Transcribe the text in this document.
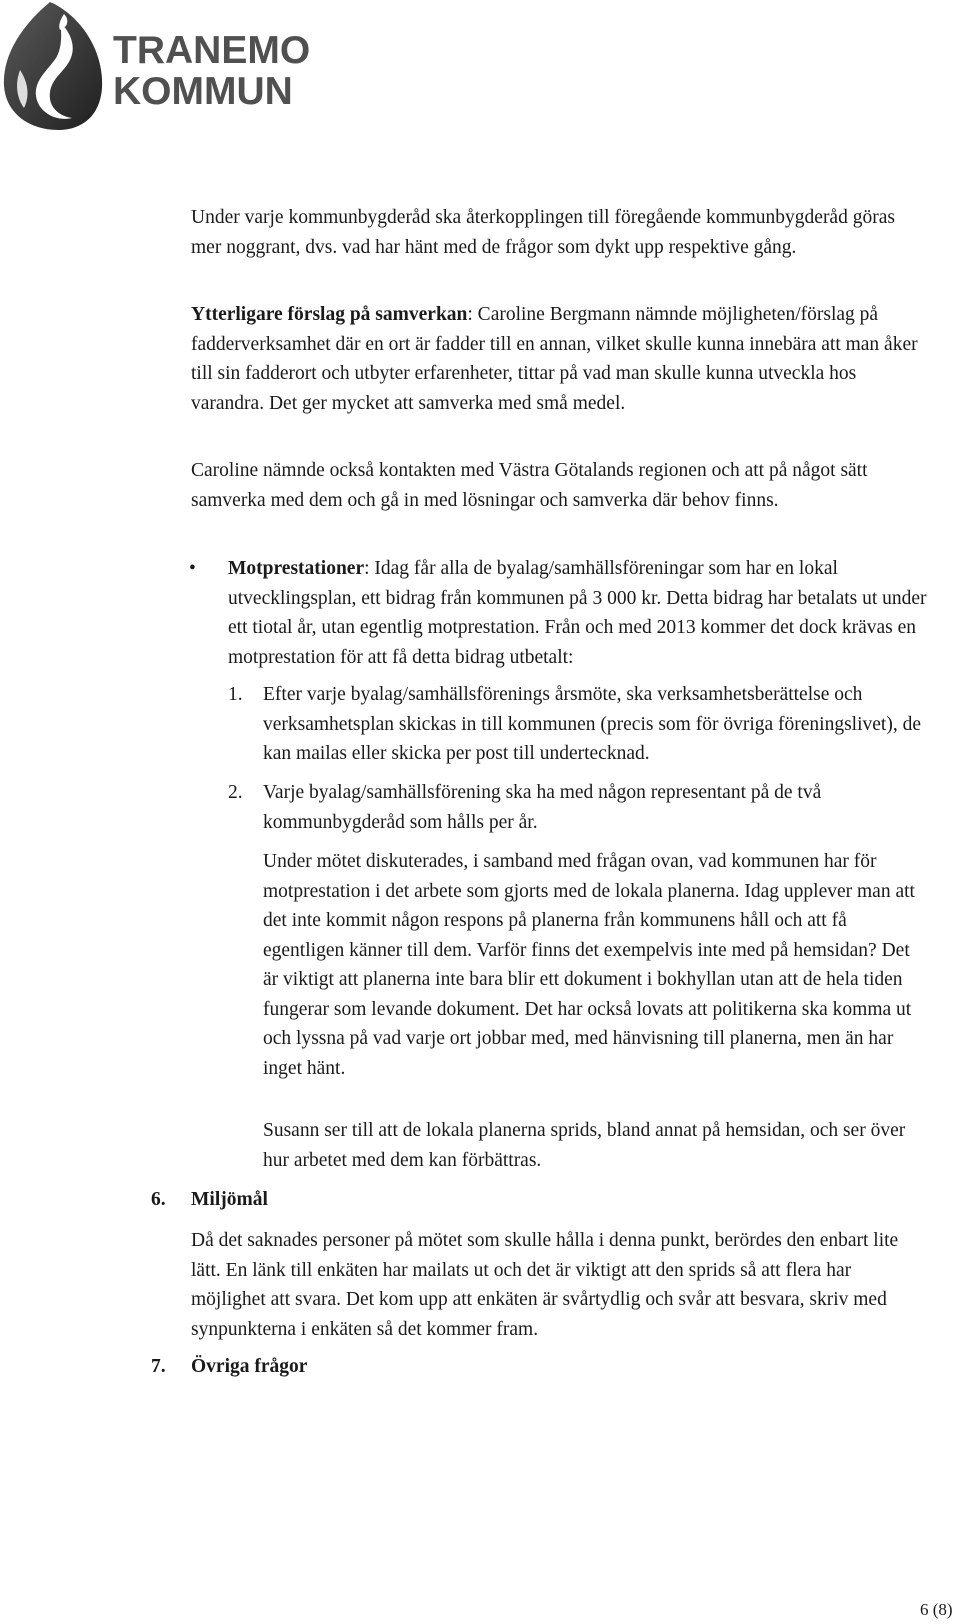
TRANEMO
KOMMUN

Under varje kommunbygderåd ska återkopplingen till föregående kommunbygderåd göras mer noggrant, dvs. vad har hänt med de frågor som dykt upp respektive gång.

Ytterligare förslag på samverkan: Caroline Bergmann nämnde möjligheten/förslag på fadderverksamhet där en ort är fadder till en annan, vilket skulle kunna innebära att man åker till sin fadderort och utbyter erfarenheter, tittar på vad man skulle kunna utveckla hos varandra. Det ger mycket att samverka med små medel.

Caroline nämnde också kontakten med Västra Götalands regionen och att på något sätt samverka med dem och gå in med lösningar och samverka där behov finns.

• Motprestationer: Idag får alla de byalag/samhällsföreningar som har en lokal utvecklingsplan, ett bidrag från kommunen på 3 000 kr. Detta bidrag har betalats ut under ett tiotal år, utan egentlig motprestation. Från och med 2013 kommer det dock krävas en motprestation för att få detta bidrag utbetalt:

1. Efter varje byalag/samhällsförenings årsmöte, ska verksamhetsberättelse och verksamhetsplan skickas in till kommunen (precis som för övriga föreningslivet), de kan mailas eller skicka per post till undertecknad.

2. Varje byalag/samhällsförening ska ha med någon representant på de två kommunbygderåd som hålls per år.

Under mötet diskuterades, i samband med frågan ovan, vad kommunen har för motprestation i det arbete som gjorts med de lokala planerna. Idag upplever man att det inte kommit någon respons på planerna från kommunens håll och att få egentligen känner till dem. Varför finns det exempelvis inte med på hemsidan? Det är viktigt att planerna inte bara blir ett dokument i bokhyllan utan att de hela tiden fungerar som levande dokument. Det har också lovats att politikerna ska komma ut och lyssna på vad varje ort jobbar med, med hänvisning till planerna, men än har inget hänt.

Susann ser till att de lokala planerna sprids, bland annat på hemsidan, och ser över hur arbetet med dem kan förbättras.

6. Miljömål

Då det saknades personer på mötet som skulle hålla i denna punkt, berördes den enbart lite lätt. En länk till enkäten har mailats ut och det är viktigt att den sprids så att flera har möjlighet att svara. Det kom upp att enkäten är svårtydlig och svår att besvara, skriv med synpunkterna i enkäten så det kommer fram.

7. Övriga frågor
6 (8)
